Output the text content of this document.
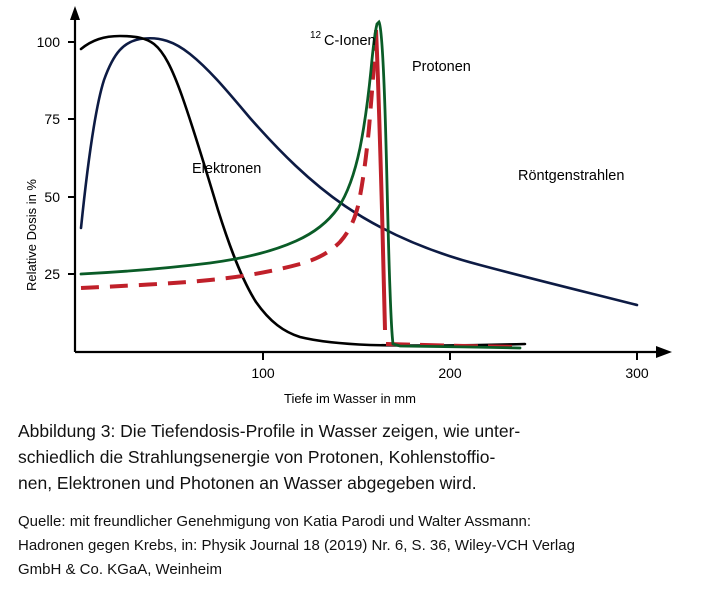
100
75
50
25
100	200	300
Relative Dosis in %
Tiefe im Wasser in mm
12 C-Ionen
Protonen
Elektronen	Röntgenstrahlen

Abbildung 3: Die Tiefendosis-Profile in Wasser zeigen, wie unter-
schiedlich die Strahlungsenergie von Protonen, Kohlenstoffio-
nen, Elektronen und Photonen an Wasser abgegeben wird.

Quelle: mit freundlicher Genehmigung von Katia Parodi und Walter Assmann:
Hadronen gegen Krebs, in: Physik Journal 18 (2019) Nr. 6, S. 36, Wiley-VCH Verlag
GmbH & Co. KGaA, Weinheim
